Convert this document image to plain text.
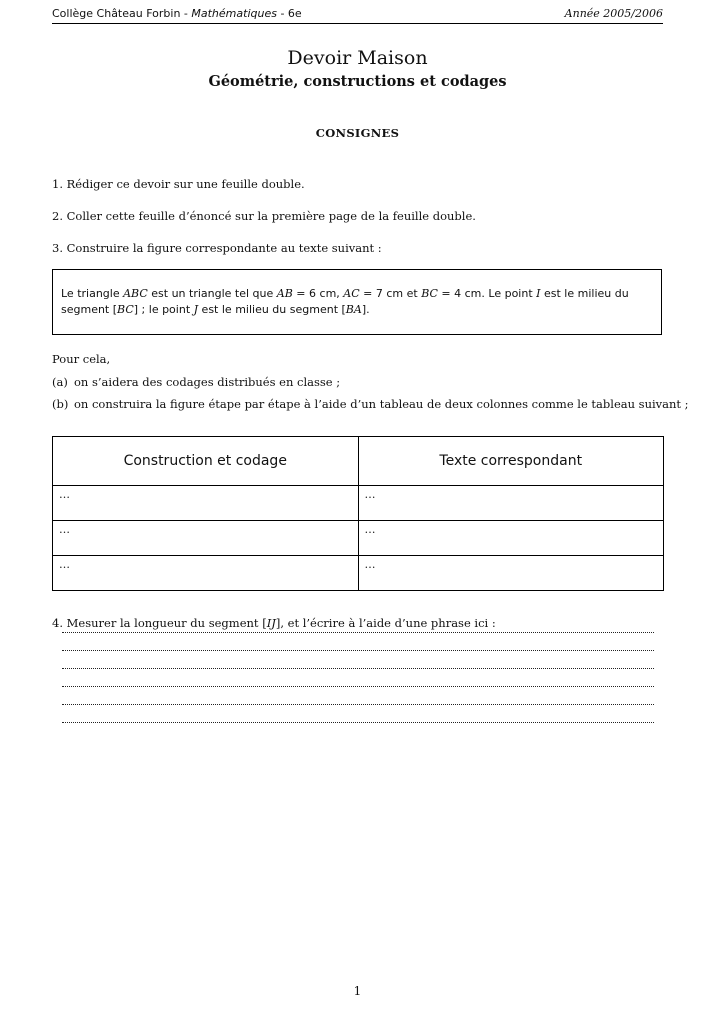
Collège Château Forbin - Mathématiques - 6e	Année 2005/2006
Devoir Maison
Géométrie, constructions et codages
CONSIGNES
1. Rédiger ce devoir sur une feuille double.
2. Coller cette feuille d’énoncé sur la première page de la feuille double.
3. Construire la figure correspondante au texte suivant :
Le triangle ABC est un triangle tel que AB = 6 cm, AC = 7 cm et BC = 4 cm. Le point I est le milieu du segment [BC] ; le point J est le milieu du segment [BA].
Pour cela,
(a) on s’aidera des codages distribués en classe ;
(b) on construira la figure étape par étape à l’aide d’un tableau de deux colonnes comme le tableau suivant ;
Construction et codage	Texte correspondant
…	…
…	…
…	…
4. Mesurer la longueur du segment [IJ], et l’écrire à l’aide d’une phrase ici :
1
